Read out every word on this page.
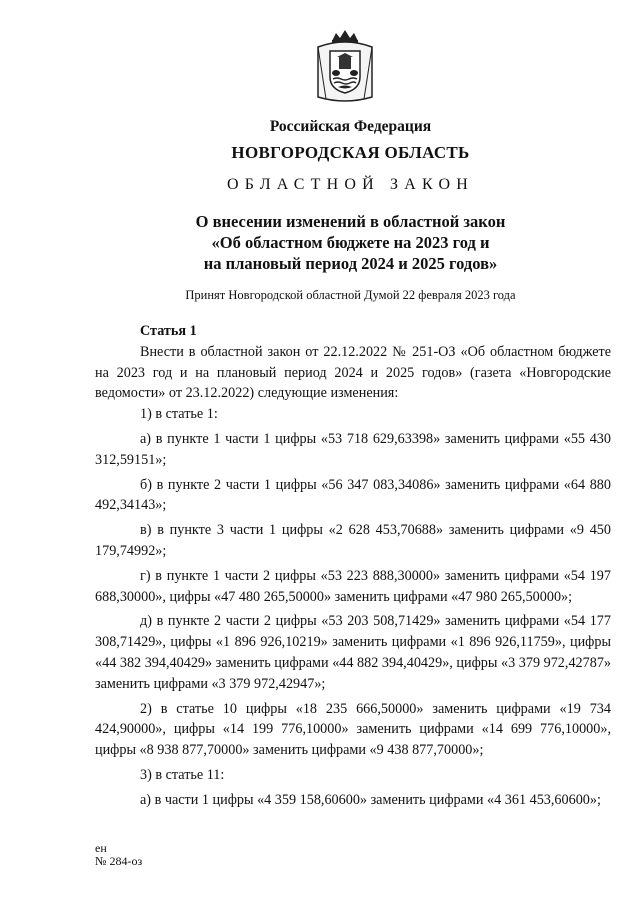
Российская Федерация
НОВГОРОДСКАЯ ОБЛАСТЬ
ОБЛАСТНОЙ ЗАКОН
О внесении изменений в областной закон
«Об областном бюджете на 2023 год и
на плановый период 2024 и 2025 годов»
Принят Новгородской областной Думой 22 февраля 2023 года

Статья 1

Внести в областной закон от 22.12.2022 № 251-ОЗ «Об областном бюджете на 2023 год и на плановый период 2024 и 2025 годов» (газета «Новгородские ведомости» от 23.12.2022) следующие изменения:

1) в статье 1:

а) в пункте 1 части 1 цифры «53 718 629,63398» заменить цифрами «55 430 312,59151»;

б) в пункте 2 части 1 цифры «56 347 083,34086» заменить цифрами «64 880 492,34143»;

в) в пункте 3 части 1 цифры «2 628 453,70688» заменить цифрами «9 450 179,74992»;

г) в пункте 1 части 2 цифры «53 223 888,30000» заменить цифрами «54 197 688,30000», цифры «47 480 265,50000» заменить цифрами «47 980 265,50000»;

д) в пункте 2 части 2 цифры «53 203 508,71429» заменить цифрами «54 177 308,71429», цифры «1 896 926,10219» заменить цифрами «1 896 926,11759», цифры «44 382 394,40429» заменить цифрами «44 882 394,40429», цифры «3 379 972,42787» заменить цифрами «3 379 972,42947»;

2) в статье 10 цифры «18 235 666,50000» заменить цифрами «19 734 424,90000», цифры «14 199 776,10000» заменить цифрами «14 699 776,10000», цифры «8 938 877,70000» заменить цифрами «9 438 877,70000»;

3) в статье 11:

а) в части 1 цифры «4 359 158,60600» заменить цифрами «4 361 453,60600»;

ен
№ 284-оз
